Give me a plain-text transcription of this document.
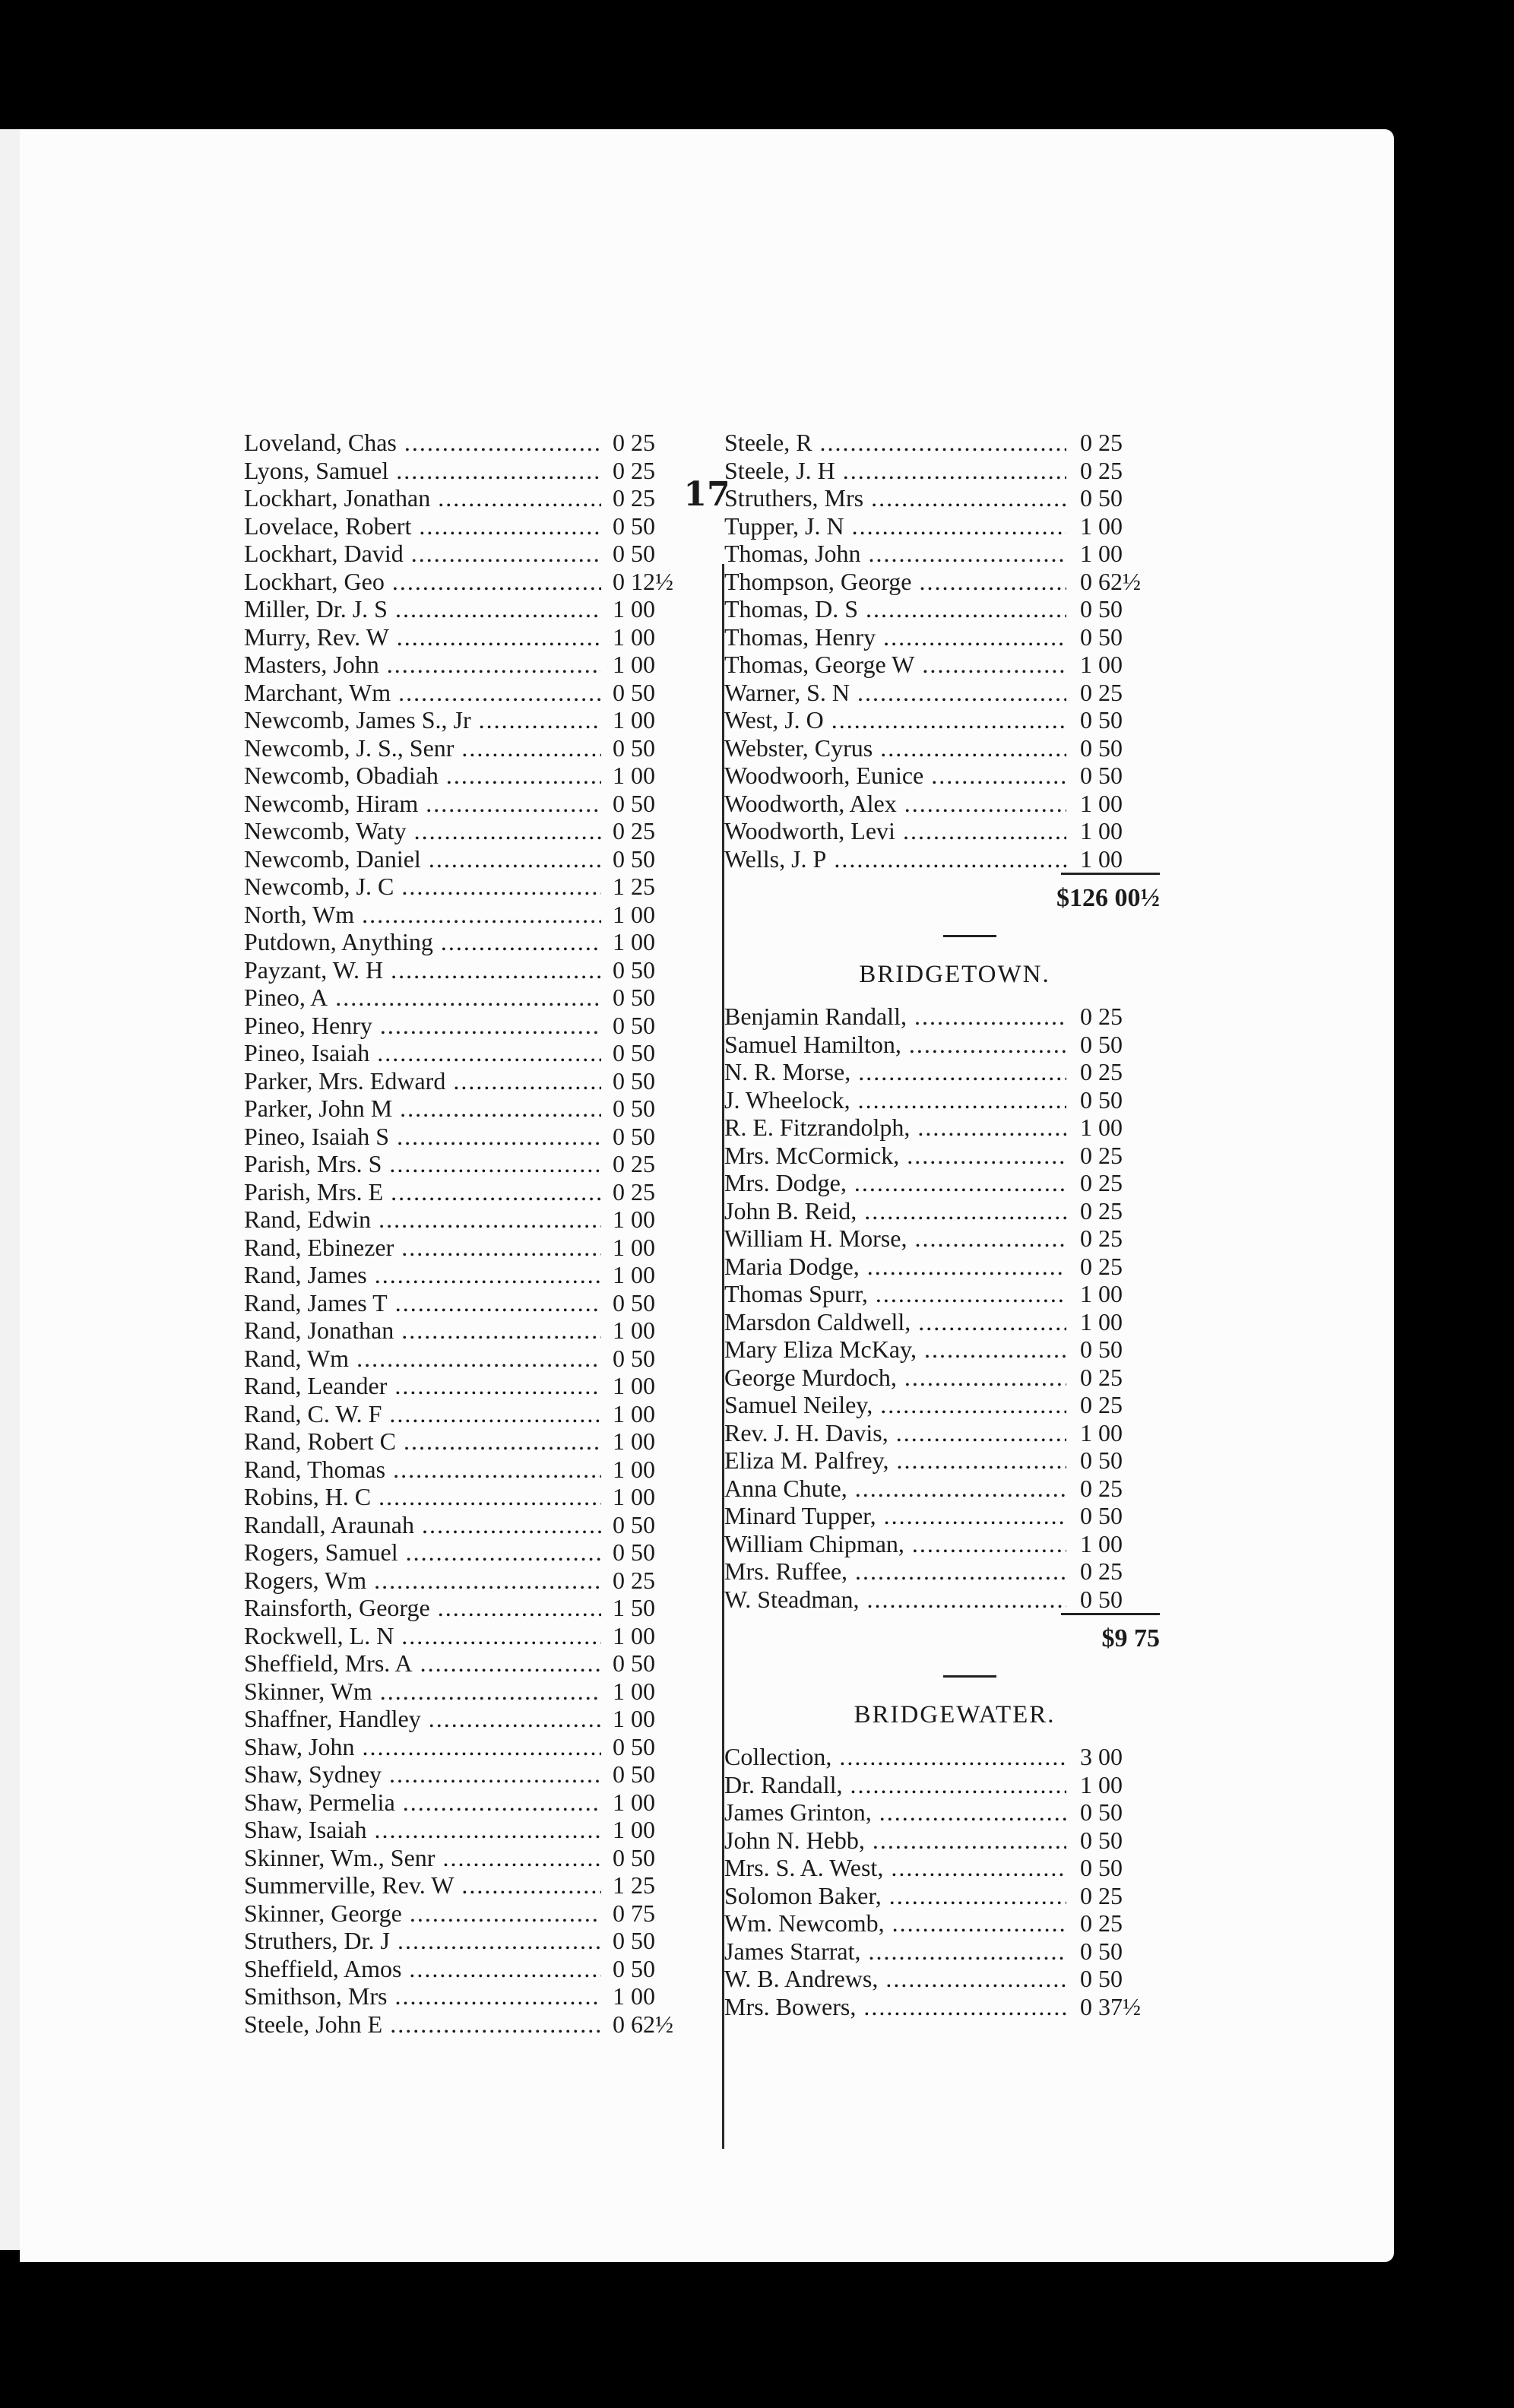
17
Loveland, Chas .....	0 25
Lyons, Samuel .....	0 25
Lockhart, Jonathan .....	0 25
Lovelace, Robert .....	0 50
Lockhart, David .....	0 50
Lockhart, Geo .....	0 12½
Miller, Dr. J. S .....	1 00
Murry, Rev. W .....	1 00
Masters, John .....	1 00
Marchant, Wm .....	0 50
Newcomb, James S., Jr .....	1 00
Newcomb, J. S., Senr .....	0 50
Newcomb, Obadiah .....	1 00
Newcomb, Hiram .....	0 50
Newcomb, Waty .....	0 25
Newcomb, Daniel .....	0 50
Newcomb, J. C .....	1 25
North, Wm .....	1 00
Putdown, Anything .....	1 00
Payzant, W. H .....	0 50
Pineo, A .....	0 50
Pineo, Henry .....	0 50
Pineo, Isaiah .....	0 50
Parker, Mrs. Edward .....	0 50
Parker, John M .....	0 50
Pineo, Isaiah S .....	0 50
Parish, Mrs. S .....	0 25
Parish, Mrs. E .....	0 25
Rand, Edwin .....	1 00
Rand, Ebinezer .....	1 00
Rand, James .....	1 00
Rand, James T .....	0 50
Rand, Jonathan .....	1 00
Rand, Wm .....	0 50
Rand, Leander .....	1 00
Rand, C. W. F .....	1 00
Rand, Robert C .....	1 00
Rand, Thomas .....	1 00
Robins, H. C .....	1 00
Randall, Araunah .....	0 50
Rogers, Samuel .....	0 50
Rogers, Wm .....	0 25
Rainsforth, George .....	1 50
Rockwell, L. N .....	1 00
Sheffield, Mrs. A .....	0 50
Skinner, Wm .....	1 00
Shaffner, Handley .....	1 00
Shaw, John .....	0 50
Shaw, Sydney .....	0 50
Shaw, Permelia .....	1 00
Shaw, Isaiah .....	1 00
Skinner, Wm., Senr .....	0 50
Summerville, Rev. W .....	1 25
Skinner, George .....	0 75
Struthers, Dr. J .....	0 50
Sheffield, Amos .....	0 50
Smithson, Mrs .....	1 00
Steele, John E .....	0 62½
Steele, R .....	0 25
Steele, J. H .....	0 25
Struthers, Mrs .....	0 50
Tupper, J. N .....	1 00
Thomas, John .....	1 00
Thompson, George .....	0 62½
Thomas, D. S .....	0 50
Thomas, Henry .....	0 50
Thomas, George W .....	1 00
Warner, S. N .....	0 25
West, J. O .....	0 50
Webster, Cyrus .....	0 50
Woodwoorh, Eunice .....	0 50
Woodworth, Alex .....	1 00
Woodworth, Levi .....	1 00
Wells, J. P .....	1 00
$126 00½
BRIDGETOWN.
Benjamin Randall, .....	0 25
Samuel Hamilton, .....	0 50
N. R. Morse, .....	0 25
J. Wheelock, .....	0 50
R. E. Fitzrandolph, .....	1 00
Mrs. McCormick, .....	0 25
Mrs. Dodge, .....	0 25
John B. Reid, .....	0 25
William H. Morse, .....	0 25
Maria Dodge, .....	0 25
Thomas Spurr, .....	1 00
Marsdon Caldwell, .....	1 00
Mary Eliza McKay, .....	0 50
George Murdoch, .....	0 25
Samuel Neiley, .....	0 25
Rev. J. H. Davis, .....	1 00
Eliza M. Palfrey, .....	0 50
Anna Chute, .....	0 25
Minard Tupper, .....	0 50
William Chipman, .....	1 00
Mrs. Ruffee, .....	0 25
W. Steadman, .....	0 50
$9 75
BRIDGEWATER.
Collection, .....	3 00
Dr. Randall, .....	1 00
James Grinton, .....	0 50
John N. Hebb, .....	0 50
Mrs. S. A. West, .....	0 50
Solomon Baker, .....	0 25
Wm. Newcomb, .....	0 25
James Starrat, .....	0 50
W. B. Andrews, .....	0 50
Mrs. Bowers, .....	0 37½
